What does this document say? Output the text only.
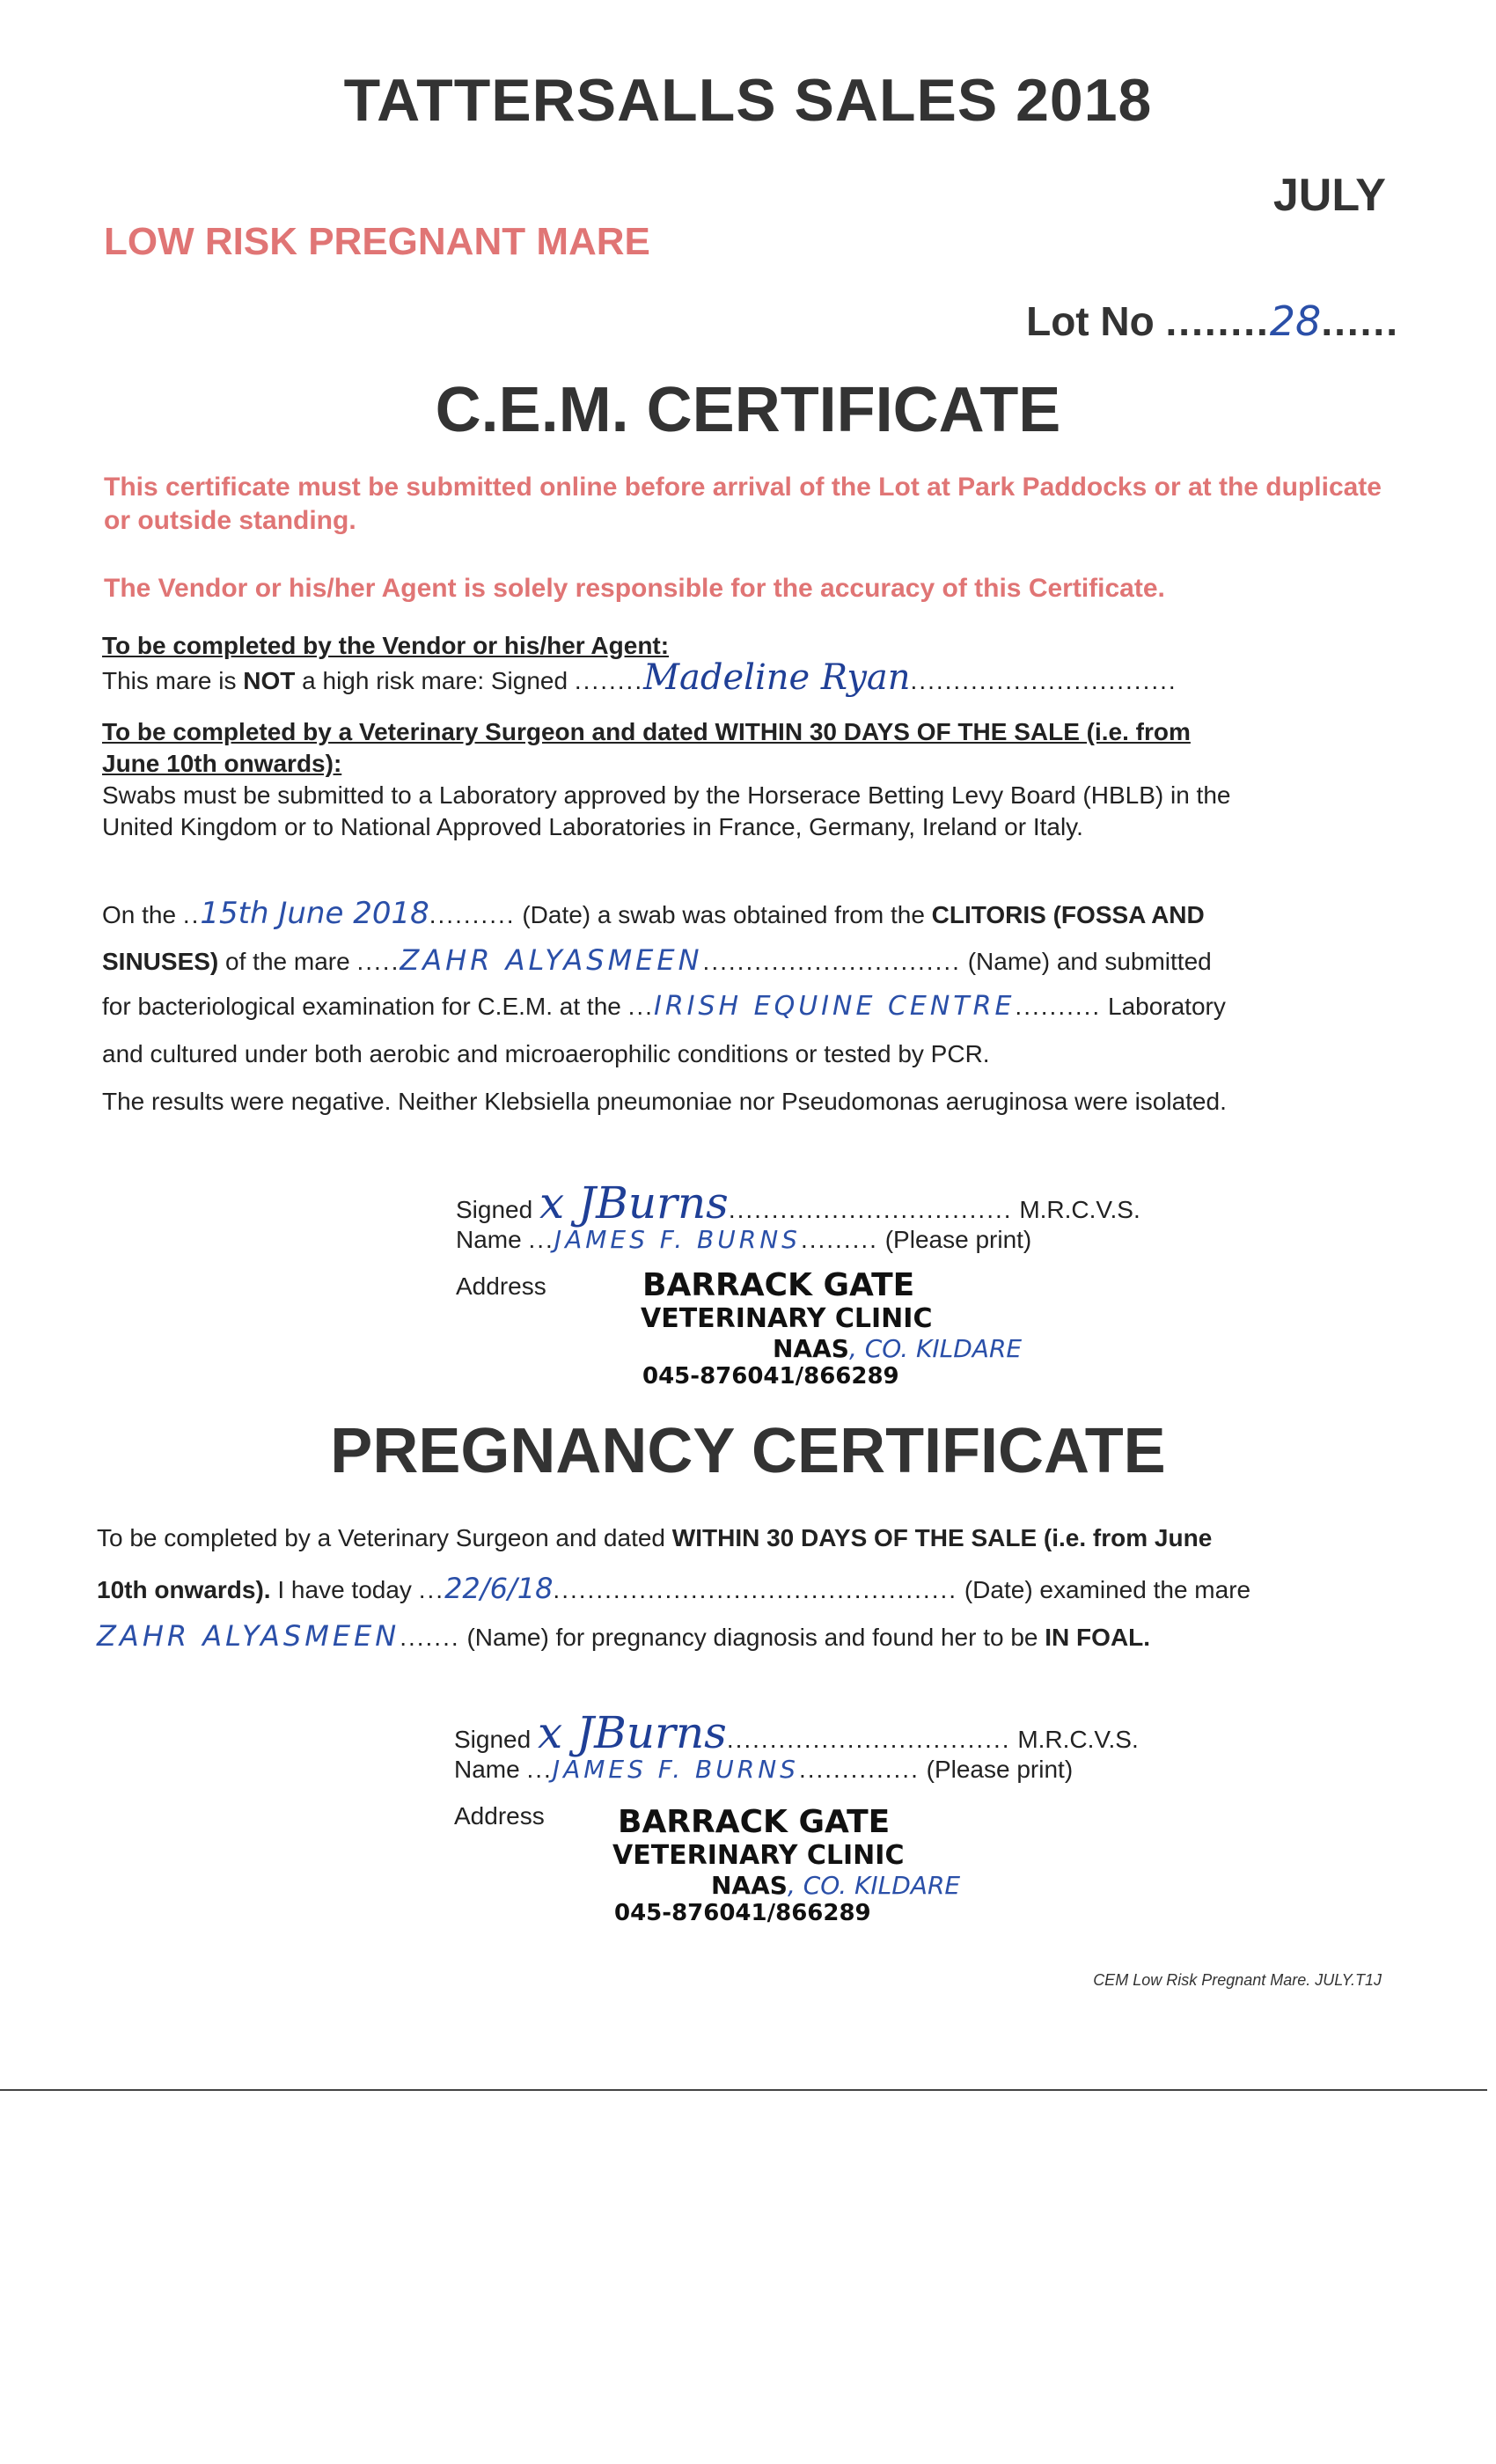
TATTERSALLS SALES 2018
JULY
LOW RISK PREGNANT MARE
Lot No ........28......
C.E.M. CERTIFICATE
This certificate must be submitted online before arrival of the Lot at Park Paddocks or at the duplicate or outside standing.
The Vendor or his/her Agent is solely responsible for the accuracy of this Certificate.
To be completed by the Vendor or his/her Agent:
This mare is NOT a high risk mare: Signed ........Madeline Ryan...............................
To be completed by a Veterinary Surgeon and dated WITHIN 30 DAYS OF THE SALE (i.e. from
June 10th onwards):
Swabs must be submitted to a Laboratory approved by the Horserace Betting Levy Board (HBLB) in the
United Kingdom or to National Approved Laboratories in France, Germany, Ireland or Italy.
On the ..15th June 2018.......... (Date) a swab was obtained from the CLITORIS (FOSSA AND
SINUSES) of the mare .....ZAHR ALYASMEEN.............................. (Name) and submitted
for bacteriological examination for C.E.M. at the ...IRISH EQUINE CENTRE.......... Laboratory
and cultured under both aerobic and microaerophilic conditions or tested by PCR.
The results were negative. Neither Klebsiella pneumoniae nor Pseudomonas aeruginosa were isolated.
Signed x JBurns................................. M.R.C.V.S.
Name ...JAMES F. BURNS......... (Please print)
Address	BARRACK GATE
VETERINARY CLINIC
NAAS, CO. KILDARE
045-876041/866289
PREGNANCY CERTIFICATE
To be completed by a Veterinary Surgeon and dated WITHIN 30 DAYS OF THE SALE (i.e. from June
10th onwards). I have today ...22/6/18............................................... (Date) examined the mare
ZAHR ALYASMEEN....... (Name) for pregnancy diagnosis and found her to be IN FOAL.
Signed x JBurns................................. M.R.C.V.S.
Name ...JAMES F. BURNS.............. (Please print)
Address	BARRACK GATE
VETERINARY CLINIC
NAAS, CO. KILDARE
045-876041/866289
CEM Low Risk Pregnant Mare. JULY.T1J
